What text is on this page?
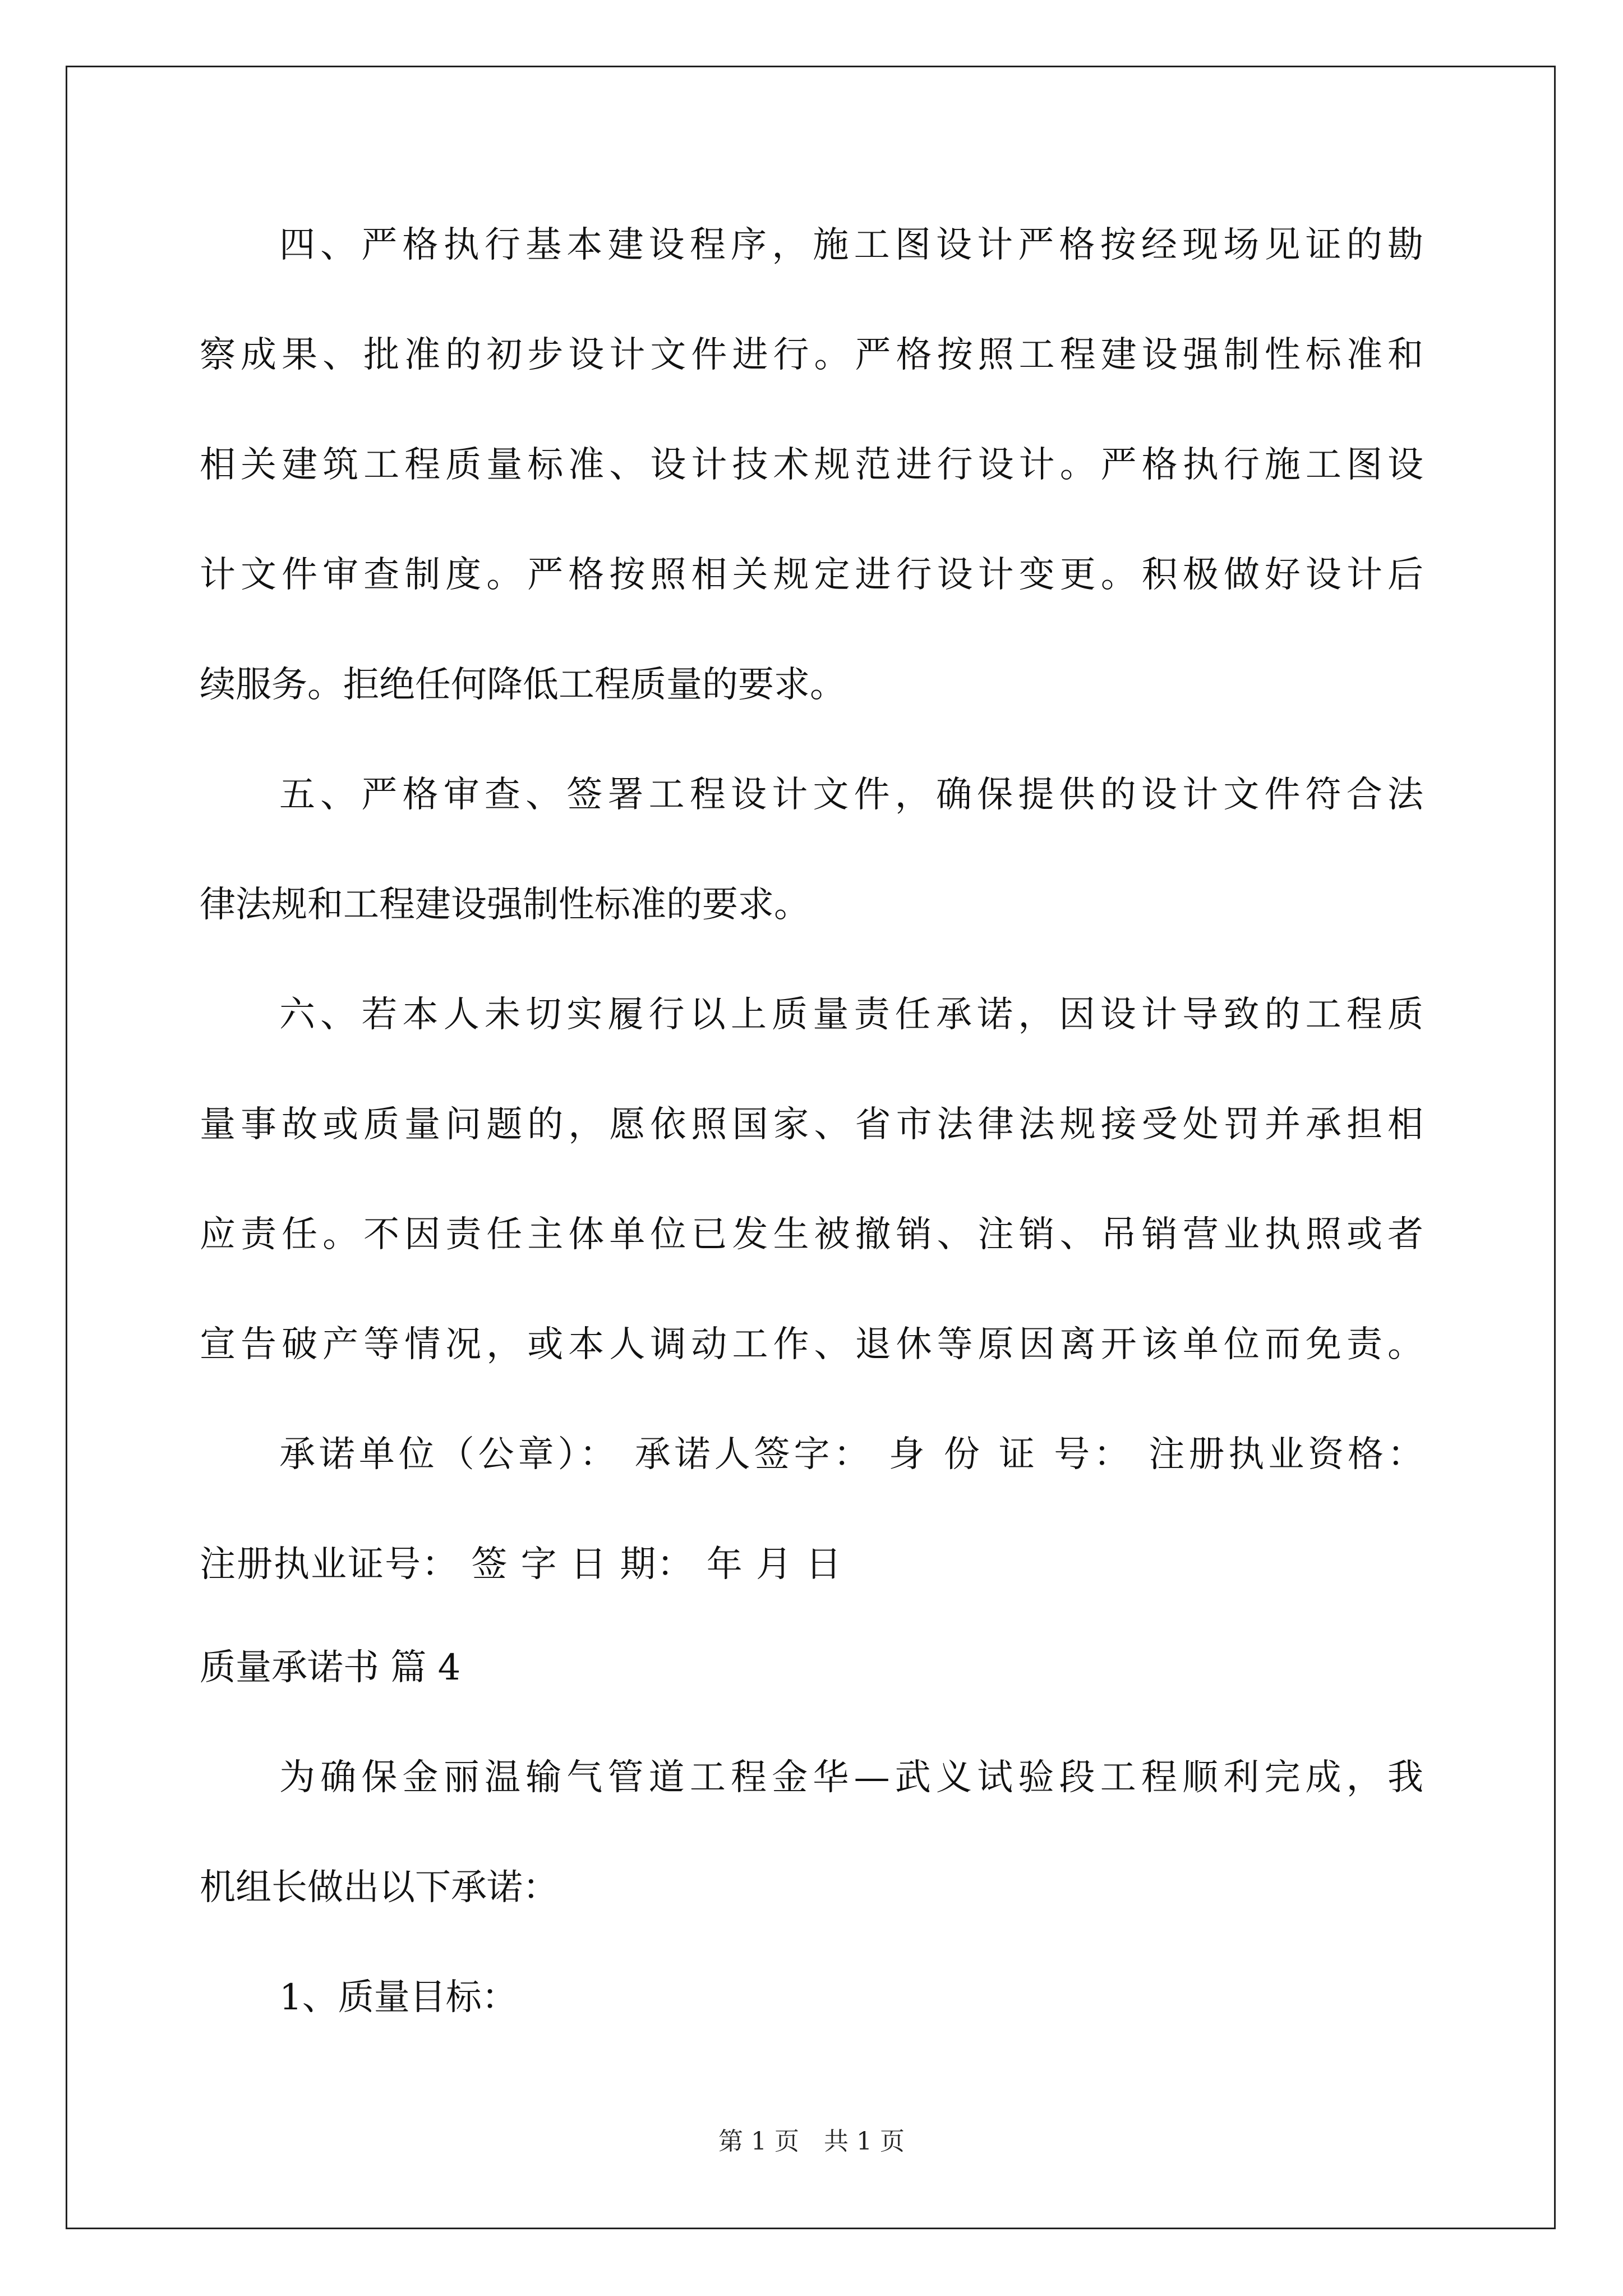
四、严格执行基本建设程序，施工图设计严格按经现场见证的勘
察成果、批准的初步设计文件进行。严格按照工程建设强制性标准和
相关建筑工程质量标准、设计技术规范进行设计。严格执行施工图设
计文件审查制度。严格按照相关规定进行设计变更。积极做好设计后
续服务。拒绝任何降低工程质量的要求。
五、严格审查、签署工程设计文件，确保提供的设计文件符合法
律法规和工程建设强制性标准的要求。
六、若本人未切实履行以上质量责任承诺，因设计导致的工程质
量事故或质量问题的，愿依照国家、省市法律法规接受处罚并承担相
应责任。不因责任主体单位已发生被撤销、注销、吊销营业执照或者
宣告破产等情况，或本人调动工作、退休等原因离开该单位而免责。
承诺单位（公章）： 承诺人签字： 身 份 证 号： 注册执业资格：
注册执业证号： 签 字 日 期： 年 月 日
质量承诺书 篇 4
为确保金丽温输气管道工程金华—武义试验段工程顺利完成，我
机组长做出以下承诺：
1、质量目标：
第 1 页　共 1 页
